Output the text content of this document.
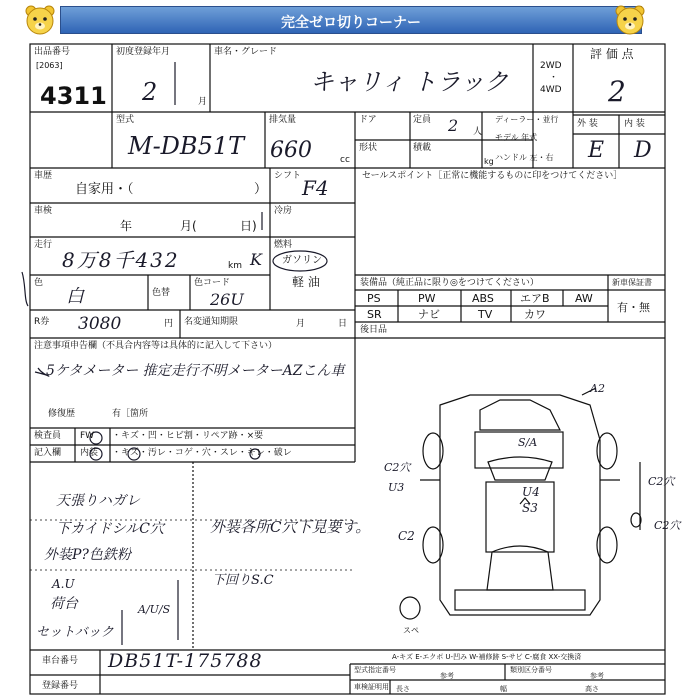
完全ゼロ切りコーナー
出品番号
[2063]
4311
初度登録年月
2	月
車名・グレード
キャリィ トラック
2WD
・
4WD
評 価 点
2
型式
M-DB51T
排気量
660	cc
ドア
形状
定員 2 人
積載
kg
ディーラー・並行
モデル 年式
ハンドル 左・右
外 装	内 装
E D
車歴
自家用・（	）
シフト F4	セールスポイント［正常に機能するものに印をつけてください］
車検
年	月(	日)
冷房
走行
8万8千432	km K
燃料
ガソリン
軽 油
色
白	色替
色コード
26U
R券 3080	円 名変通知期限	月	日
装備品（純正品に限り◎をつけてください）
PS	PW	ABS エアB AW
SR	ナビ	TV	カワ
新車保証書
有・無
後日品
注意事項申告欄（不具合内容等は具体的に記入して下さい）
5ケタメーター 推定走行不明メーターAZこん車
修復歴	有［箇所
検査員
記入欄
FW ・キズ・凹・ヒビ割・リペア跡・×要
内装 ・キズ・汚レ・コゲ・穴・スレ・キレ・破レ
天張りハガレ
下カイドシルC穴
外装P?色鉄粉
A.U
荷台
セットバック
A/U/S
外装各所C穴下見要す。
下回りS.C
A2
S/A
U4
S3
C2穴
U3	C2穴
C2
C2穴
スペ
車台番号 DB51T-175788
登録番号
A-キズ E-エクボ U-凹み W-補修跡 S-サビ C-腐食 XX-交換済
型式指定番号
参考
類別区分番号
参考
車検証明用 長さ	幅	高さ
